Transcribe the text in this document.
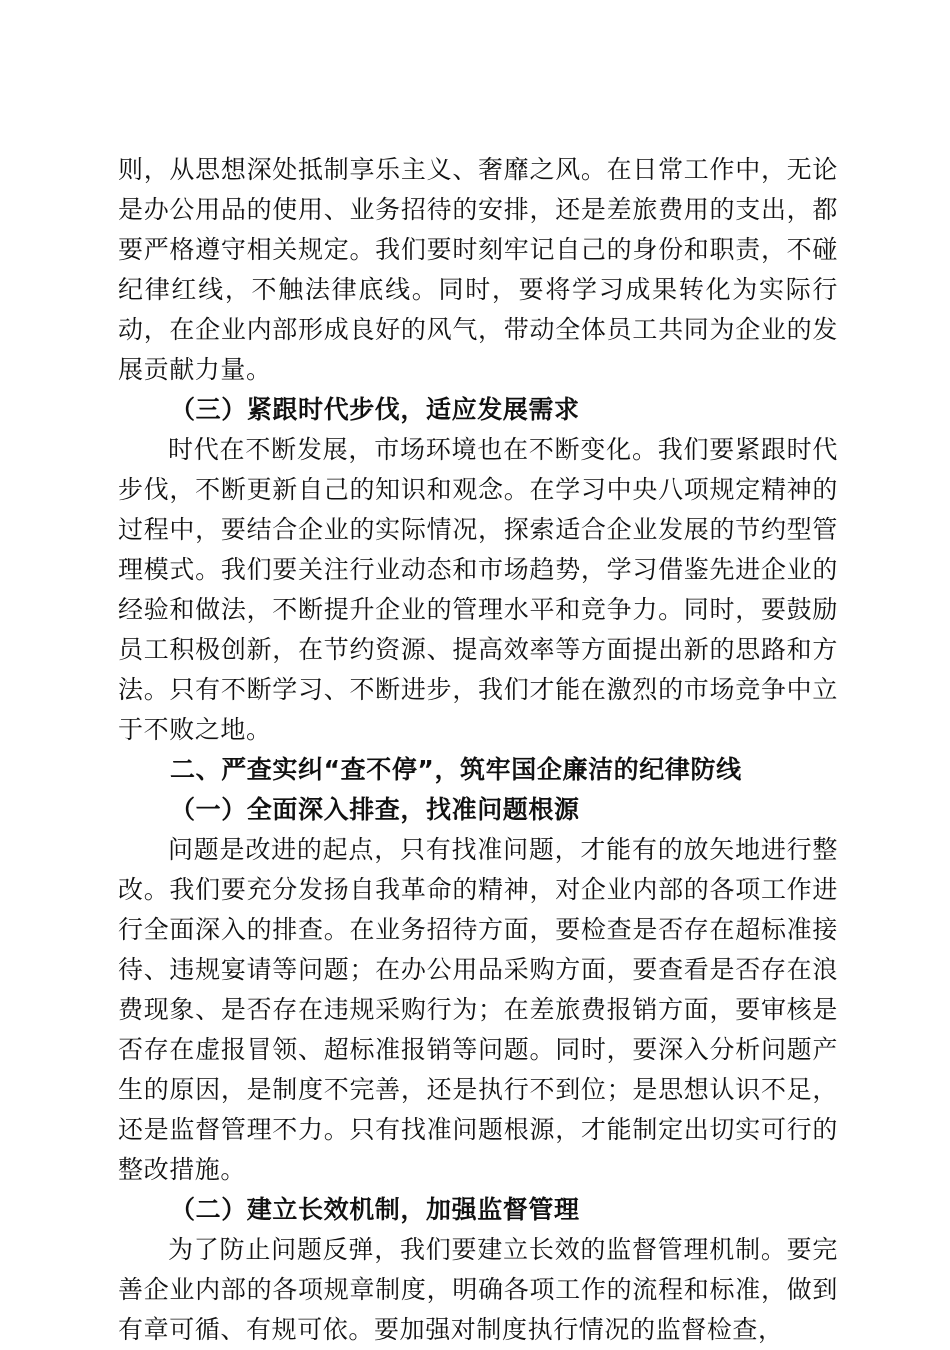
则，从思想深处抵制享乐主义、奢靡之风。在日常工作中，无论是办公用品的使用、业务招待的安排，还是差旅费用的支出，都要严格遵守相关规定。我们要时刻牢记自己的身份和职责，不碰纪律红线，不触法律底线。同时，要将学习成果转化为实际行动，在企业内部形成良好的风气，带动全体员工共同为企业的发展贡献力量。

（三）紧跟时代步伐，适应发展需求

时代在不断发展，市场环境也在不断变化。我们要紧跟时代步伐，不断更新自己的知识和观念。在学习中央八项规定精神的过程中，要结合企业的实际情况，探索适合企业发展的节约型管理模式。我们要关注行业动态和市场趋势，学习借鉴先进企业的经验和做法，不断提升企业的管理水平和竞争力。同时，要鼓励员工积极创新，在节约资源、提高效率等方面提出新的思路和方法。只有不断学习、不断进步，我们才能在激烈的市场竞争中立于不败之地。

二、严查实纠“查不停”，筑牢国企廉洁的纪律防线

（一）全面深入排查，找准问题根源

问题是改进的起点，只有找准问题，才能有的放矢地进行整改。我们要充分发扬自我革命的精神，对企业内部的各项工作进行全面深入的排查。在业务招待方面，要检查是否存在超标准接待、违规宴请等问题；在办公用品采购方面，要查看是否存在浪费现象、是否存在违规采购行为；在差旅费报销方面，要审核是否存在虚报冒领、超标准报销等问题。同时，要深入分析问题产生的原因，是制度不完善，还是执行不到位；是思想认识不足，还是监督管理不力。只有找准问题根源，才能制定出切实可行的整改措施。

（二）建立长效机制，加强监督管理

为了防止问题反弹，我们要建立长效的监督管理机制。要完善企业内部的各项规章制度，明确各项工作的流程和标准，做到有章可循、有规可依。要加强对制度执行情况的监督检查，
